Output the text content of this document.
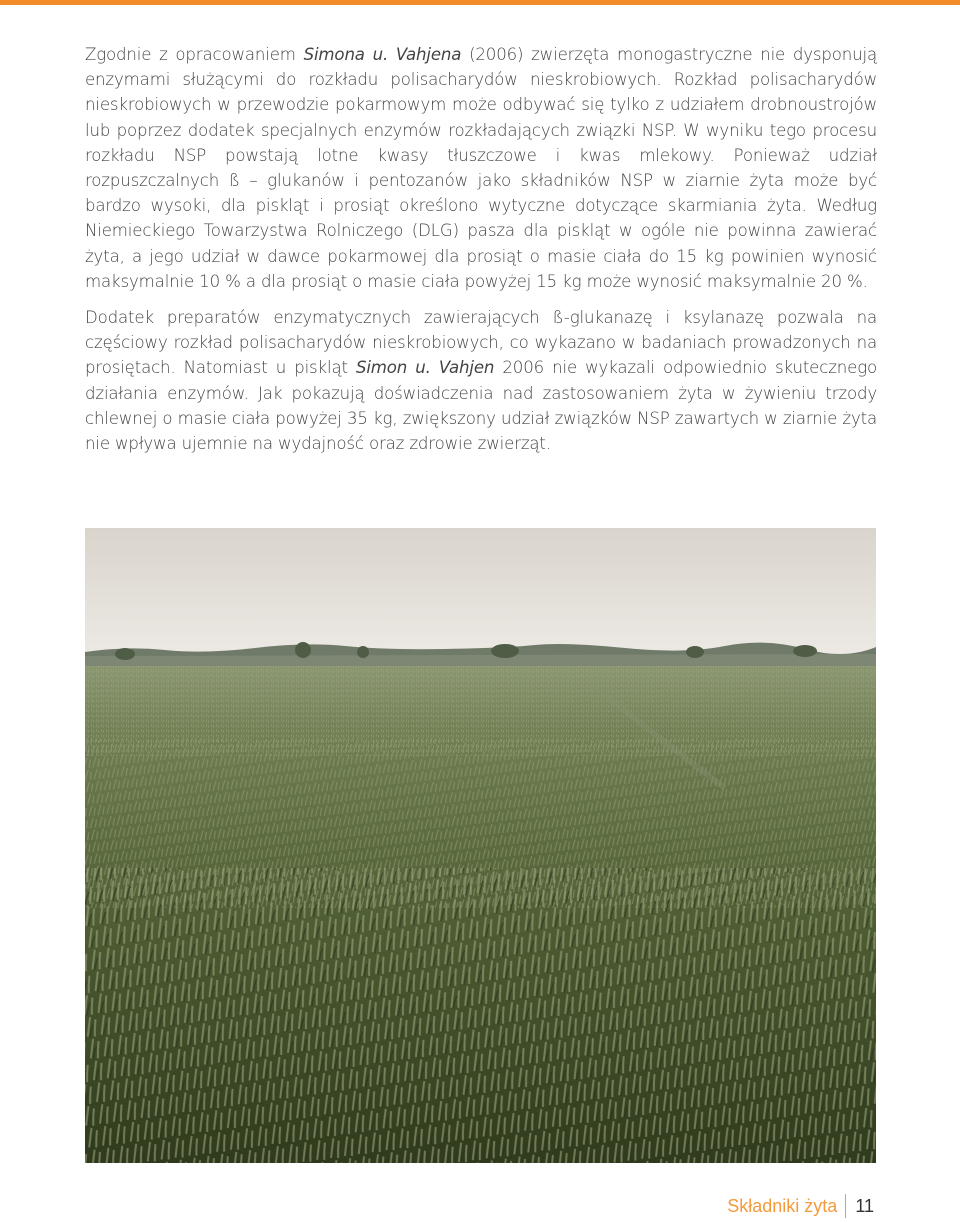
Zgodnie z opracowaniem Simona u. Vahjena (2006) zwierzęta monogastryczne nie dysponują enzymami służącymi do rozkładu polisacharydów nieskrobiowych. Rozkład polisacharydów nieskrobiowych w przewodzie pokarmowym może odbywać się tylko z udziałem drobnoustrojów lub poprzez dodatek specjalnych enzymów rozkładających związki NSP. W wyniku tego procesu rozkładu NSP powstają lotne kwasy tłuszczowe i kwas mlekowy. Ponieważ udział rozpuszczalnych ß – glukanów i pentozanów jako składników NSP w ziarnie żyta może być bardzo wysoki, dla piskląt i prosiąt określono wytyczne dotyczące skarmiania żyta. Według Niemieckiego Towarzystwa Rolniczego (DLG) pasza dla piskląt w ogóle nie powinna zawierać żyta, a jego udział w dawce pokarmowej dla prosiąt o masie ciała do 15 kg powinien wynosić maksymalnie 10 % a dla prosiąt o masie ciała powyżej 15 kg może wynosić maksymalnie 20 %.

Dodatek preparatów enzymatycznych zawierających ß-glukanazę i ksylanazę pozwala na częściowy rozkład polisacharydów nieskrobiowych, co wykazano w badaniach prowadzonych na prosiętach. Natomiast u piskląt Simon u. Vahjen 2006 nie wykazali odpowiednio skutecznego działania enzymów. Jak pokazują doświadczenia nad zastosowaniem żyta w żywieniu trzody chlewnej o masie ciała powyżej 35 kg, zwiększony udział związków NSP zawartych w ziarnie żyta nie wpływa ujemnie na wydajność oraz zdrowie zwierząt.

Składniki żyta 11
